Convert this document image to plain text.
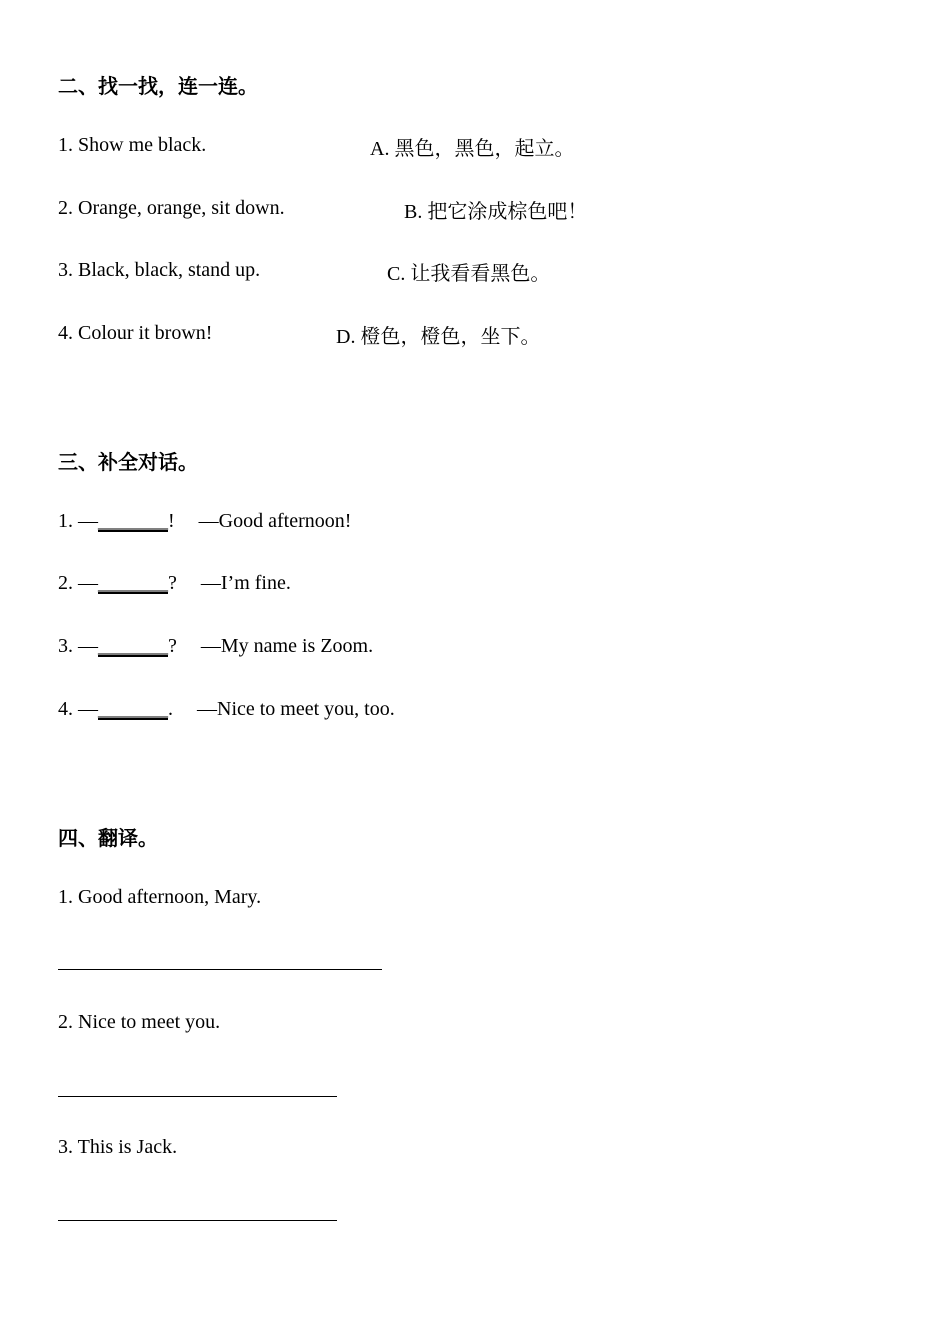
二、找一找，连一连。
1. Show me black.
2. Orange, orange, sit down.
3. Black, black, stand up.
4. Colour it brown!
A. 黑色，黑色，起立。
B. 把它涂成棕色吧！
C. 让我看看黑色。
D. 橙色，橙色，坐下。
三、补全对话。
1. —_______! —Good afternoon!
2. —_______? —I’m fine.
3. —_______? —My name is Zoom.
4. —_______. —Nice to meet you, too.
四、翻译。
1. Good afternoon, Mary.
2. Nice to meet you.
3. This is Jack.
